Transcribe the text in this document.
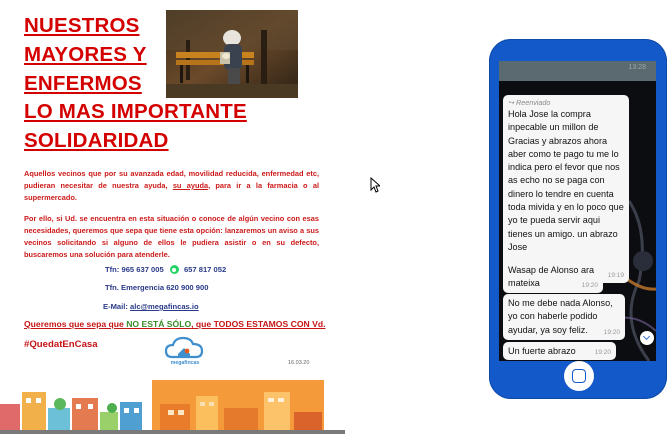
NUESTROS
MAYORES Y
ENFERMOS
LO MAS IMPORTANTE
SOLIDARIDAD

Aquellos vecinos que por su avanzada edad, movilidad reducida, enfermedad etc, pudieran necesitar de nuestra ayuda, su ayuda, para ir a la farmacia o al supermercado.

Por ello, si Ud. se encuentra en esta situación o conoce de algún vecino con esas necesidades, queremos que sepa que tiene esta opción: lanzaremos un aviso a sus vecinos solicitando si alguno de ellos le pudiera asistir o en su defecto, buscaremos una solución para atenderle.

Tfn: 965 637 005	657 817 052
Tfn. Emergencia 620 900 900
E-Mail: alc@megafincas.io
Queremos que sepa que NO ESTÁ SÓLO, que TODOS ESTAMOS CON Vd.
#QuedatEnCasa
megafincas	16.03.20
13:28
↪ Reenviado
Hola Jose la compra inpecable un millon de Gracias y abrazos ahora aber como te pago tu me lo indica pero el fevor que nos as echo no se paga con dinero lo tendre en cuenta toda mivida y en lo poco que yo te pueda servir aqui tienes un amigo. un abrazo Jose
19:19
Wasap de Alonso ara mateixa	19:20
No me debe nada Alonso, yo con haberle podido ayudar, ya soy feliz.	19:20
Un fuerte abrazo	19:20
